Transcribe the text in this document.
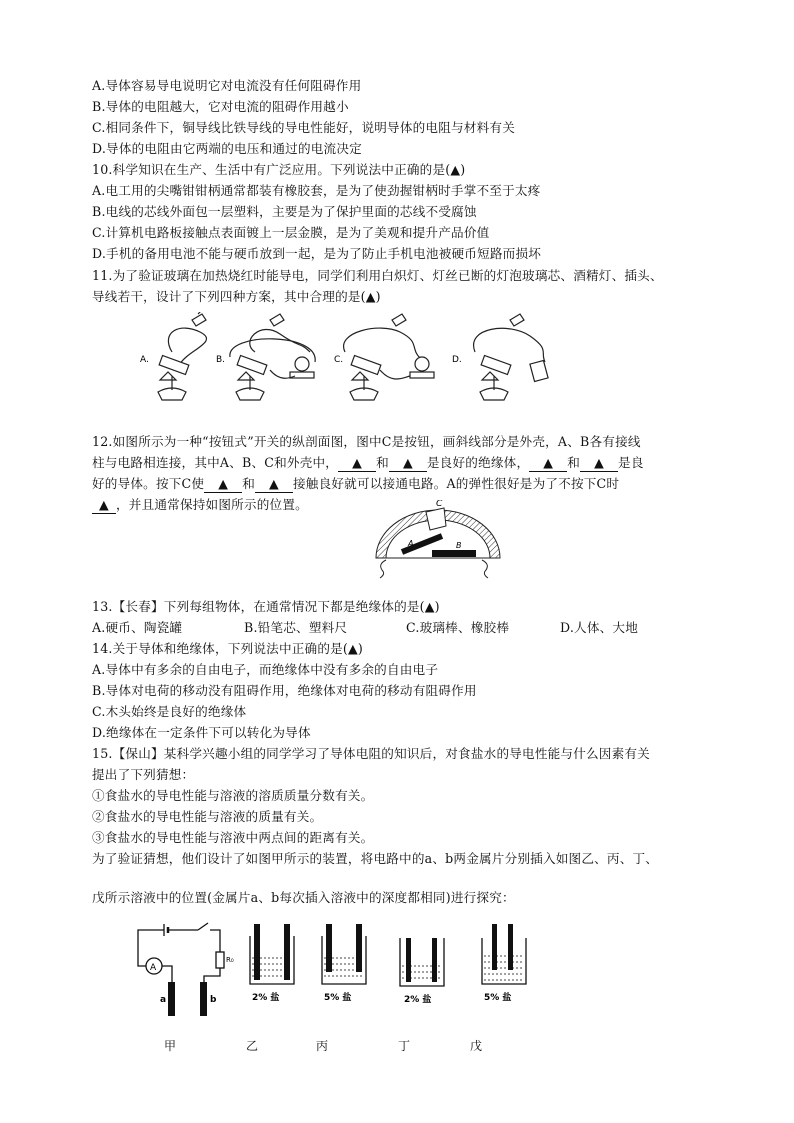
A.导体容易导电说明它对电流没有任何阻碍作用
B.导体的电阻越大，它对电流的阻碍作用越小
C.相同条件下，铜导线比铁导线的导电性能好，说明导体的电阻与材料有关
D.导体的电阻由它两端的电压和通过的电流决定
10.科学知识在生产、生活中有广泛应用。下列说法中正确的是(▲)
A.电工用的尖嘴钳钳柄通常都装有橡胶套，是为了使劲握钳柄时手掌不至于太疼
B.电线的芯线外面包一层塑料，主要是为了保护里面的芯线不受腐蚀
C.计算机电路板接触点表面镀上一层金膜，是为了美观和提升产品价值
D.手机的备用电池不能与硬币放到一起，是为了防止手机电池被硬币短路而损坏
11.为了验证玻璃在加热烧红时能导电，同学们利用白炽灯、灯丝已断的灯泡玻璃芯、酒精灯、插头、
导线若干，设计了下列四种方案，其中合理的是(▲)
A.	B.	C.	D.
12.如图所示为一种“按钮式”开关的纵剖面图，图中C是按钮，画斜线部分是外壳，A、B各有接线
柱与电路相连接，其中A、B、C和外壳中， ▲ 和 ▲ 是良好的绝缘体， ▲ 和 ▲ 是良
好的导体。按下C使 ▲ 和 ▲ 接触良好就可以接通电路。A的弹性很好是为了不按下C时
▲ ，并且通常保持如图所示的位置。	C
A	B
13.【长春】下列每组物体，在通常情况下都是绝缘体的是(▲)
A.硬币、陶瓷罐	B.铅笔芯、塑料尺	C.玻璃棒、橡胶棒	D.人体、大地
14.关于导体和绝缘体，下列说法中正确的是(▲)
A.导体中有多余的自由电子，而绝缘体中没有多余的自由电子
B.导体对电荷的移动没有阻碍作用，绝缘体对电荷的移动有阻碍作用
C.木头始终是良好的绝缘体
D.绝缘体在一定条件下可以转化为导体
15.【保山】某科学兴趣小组的同学学习了导体电阻的知识后，对食盐水的导电性能与什么因素有关
提出了下列猜想：
①食盐水的导电性能与溶液的溶质质量分数有关。
②食盐水的导电性能与溶液的质量有关。
③食盐水的导电性能与溶液中两点间的距离有关。
为了验证猜想，他们设计了如图甲所示的装置，将电路中的a、b两金属片分别插入如图乙、丙、丁、
戊所示溶液中的位置(金属片a、b每次插入溶液中的深度都相同)进行探究：
A
R₀
a	b	2% 盐	5% 盐	2% 盐	5% 盐
甲	乙	丙	丁	戊
